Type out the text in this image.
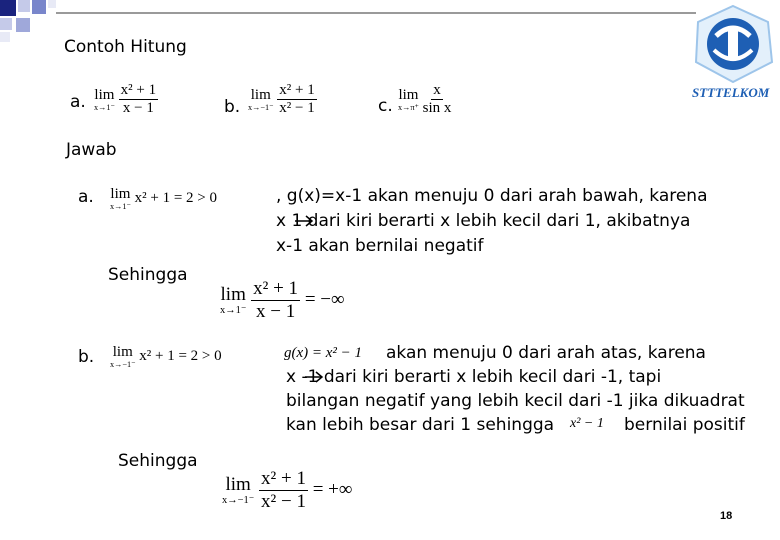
STTTELKOM
Contoh Hitung
a. lim
x→1⁻
$\frac{\text{x² + 1}}{x - 1}$	b.
lim
x→−1⁻
$\frac{\text{x² + 1}}{\text{x² − 1}}$	c.
lim
x→π⁺
$\frac{x}{\text{sin x}}$
Jawab
a. lim
x→1⁻
x² + 1 = 2 > 0	, g(x)=x-1 akan menuju 0 dari arah bawah, karena
x 1 dari kiri berarti x lebih kecil dari 1, akibatnya
x-1 akan bernilai negatif
Sehingga
lim
x→1⁻
$\frac{\text{x² + 1}}{x - 1}$ = −∞
b. lim
x→−1⁻
x² + 1 = 2 > 0	g(x) = x² − 1 akan menuju 0 dari arah atas, karena
x -1 dari kiri berarti x lebih kecil dari -1, tapi
bilangan negatif yang lebih kecil dari -1 jika dikuadrat
kan lebih besar dari 1 sehingga x² − 1 bernilai positif
Sehingga
lim
x→−1⁻
$\frac{\text{x² + 1}}{\text{x² − 1}}$ = +∞
18
